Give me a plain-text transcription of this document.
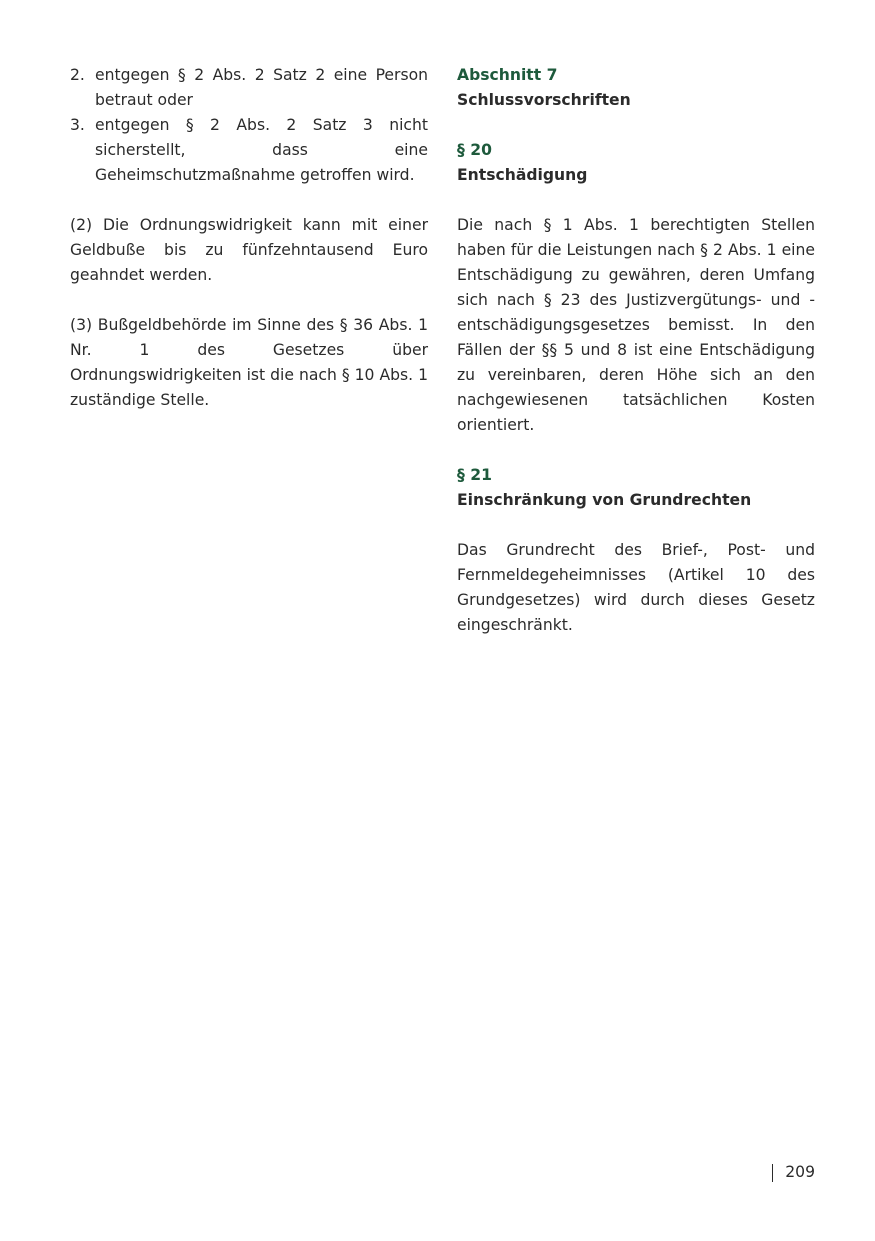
2. entgegen § 2 Abs. 2 Satz 2 eine Person betraut oder
3. entgegen § 2 Abs. 2 Satz 3 nicht sicherstellt, dass eine Geheimschutzmaßnahme getroffen wird.

(2) Die Ordnungswidrigkeit kann mit einer Geldbuße bis zu fünfzehntausend Euro geahndet werden.

(3) Bußgeldbehörde im Sinne des § 36 Abs. 1 Nr. 1 des Gesetzes über Ordnungswidrigkeiten ist die nach § 10 Abs. 1 zuständige Stelle.

Abschnitt 7

Schlussvorschriften

§ 20

Entschädigung

Die nach § 1 Abs. 1 berechtigten Stellen haben für die Leistungen nach § 2 Abs. 1 eine Entschädigung zu gewähren, deren Umfang sich nach § 23 des Justizvergütungs- und -entschädigungsgesetzes bemisst. In den Fällen der §§ 5 und 8 ist eine Entschädigung zu vereinbaren, deren Höhe sich an den nachgewiesenen tatsächlichen Kosten orientiert.

§ 21

Einschränkung von Grundrechten

Das Grundrecht des Brief-, Post- und Fernmeldegeheimnisses (Artikel 10 des Grundgesetzes) wird durch dieses Gesetz eingeschränkt.

209
